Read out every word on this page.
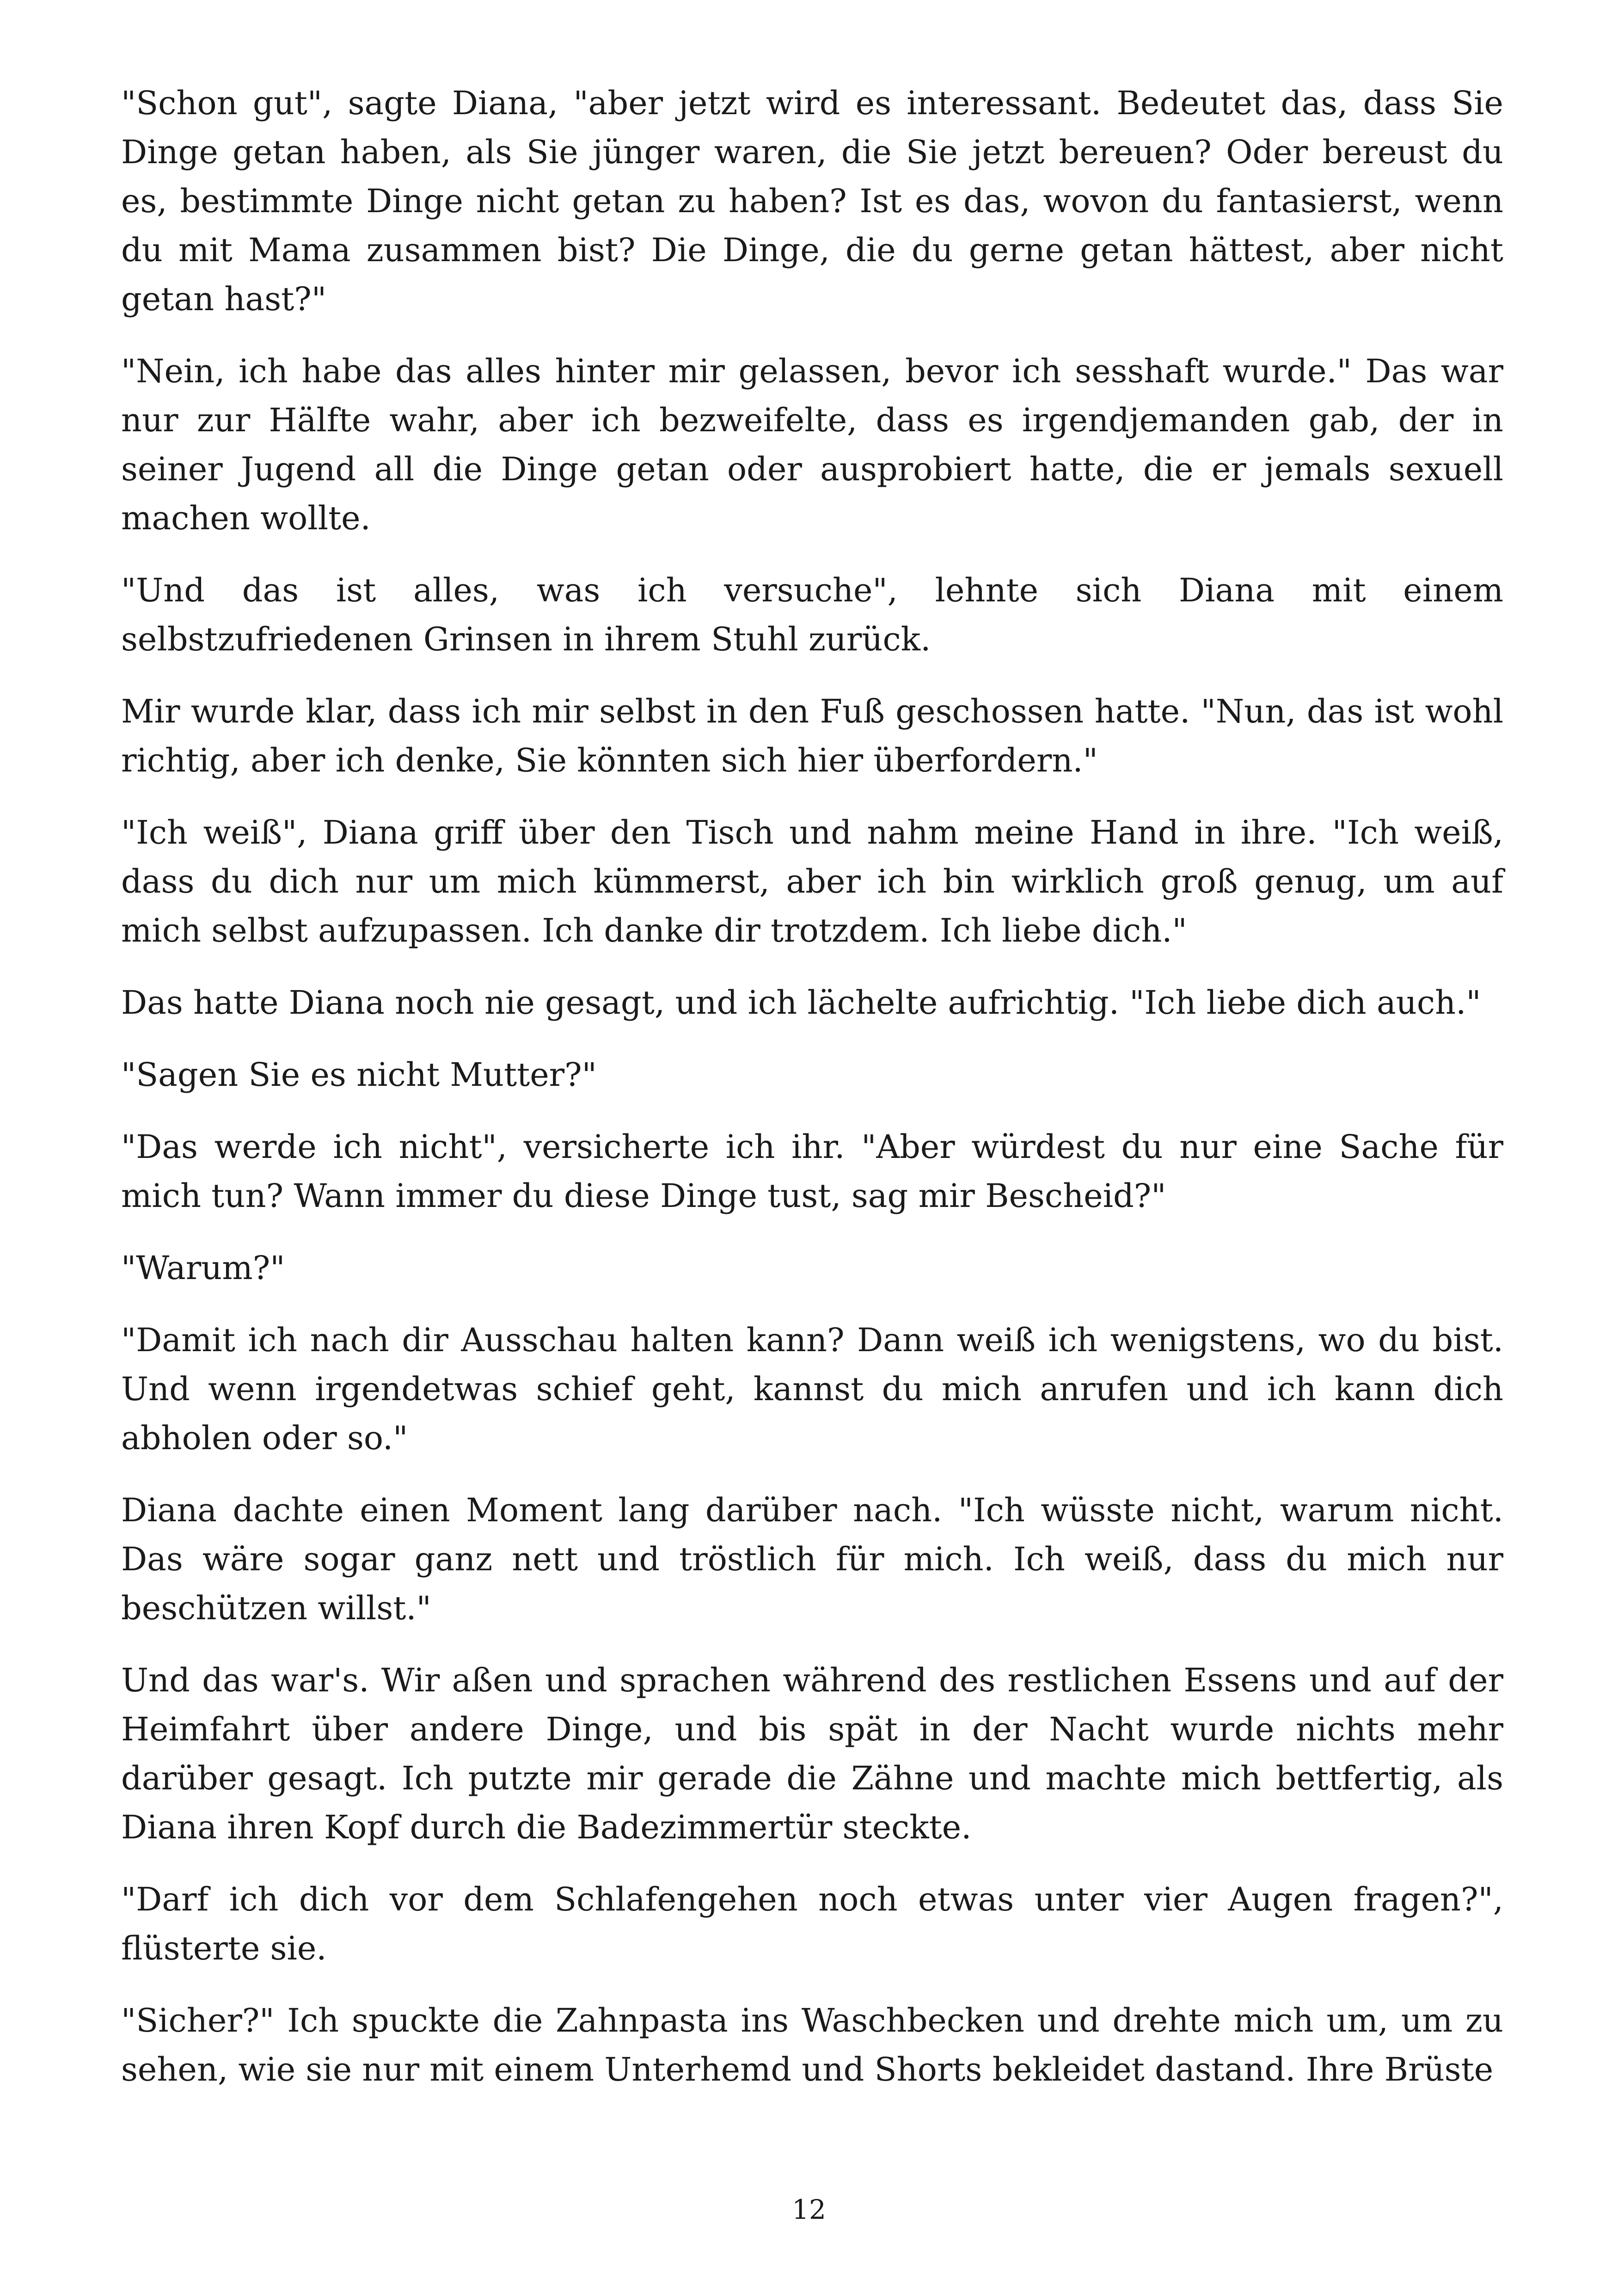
"Schon gut", sagte Diana, "aber jetzt wird es interessant. Bedeutet das, dass Sie Dinge getan haben, als Sie jünger waren, die Sie jetzt bereuen? Oder bereust du es, bestimmte Dinge nicht getan zu haben? Ist es das, wovon du fantasierst, wenn du mit Mama zusammen bist? Die Dinge, die du gerne getan hättest, aber nicht getan hast?"

"Nein, ich habe das alles hinter mir gelassen, bevor ich sesshaft wurde." Das war nur zur Hälfte wahr, aber ich bezweifelte, dass es irgendjemanden gab, der in seiner Jugend all die Dinge getan oder ausprobiert hatte, die er jemals sexuell machen wollte.

"Und das ist alles, was ich versuche", lehnte sich Diana mit einem selbstzufriedenen Grinsen in ihrem Stuhl zurück.

Mir wurde klar, dass ich mir selbst in den Fuß geschossen hatte. "Nun, das ist wohl richtig, aber ich denke, Sie könnten sich hier überfordern."

"Ich weiß", Diana griff über den Tisch und nahm meine Hand in ihre. "Ich weiß, dass du dich nur um mich kümmerst, aber ich bin wirklich groß genug, um auf mich selbst aufzupassen. Ich danke dir trotzdem. Ich liebe dich."

Das hatte Diana noch nie gesagt, und ich lächelte aufrichtig. "Ich liebe dich auch."

"Sagen Sie es nicht Mutter?"

"Das werde ich nicht", versicherte ich ihr. "Aber würdest du nur eine Sache für mich tun? Wann immer du diese Dinge tust, sag mir Bescheid?"

"Warum?"

"Damit ich nach dir Ausschau halten kann? Dann weiß ich wenigstens, wo du bist. Und wenn irgendetwas schief geht, kannst du mich anrufen und ich kann dich abholen oder so."

Diana dachte einen Moment lang darüber nach. "Ich wüsste nicht, warum nicht. Das wäre sogar ganz nett und tröstlich für mich. Ich weiß, dass du mich nur beschützen willst."

Und das war's. Wir aßen und sprachen während des restlichen Essens und auf der Heimfahrt über andere Dinge, und bis spät in der Nacht wurde nichts mehr darüber gesagt. Ich putzte mir gerade die Zähne und machte mich bettfertig, als Diana ihren Kopf durch die Badezimmertür steckte.

"Darf ich dich vor dem Schlafengehen noch etwas unter vier Augen fragen?", flüsterte sie.

"Sicher?" Ich spuckte die Zahnpasta ins Waschbecken und drehte mich um, um zu sehen, wie sie nur mit einem Unterhemd und Shorts bekleidet dastand. Ihre Brüste

12
